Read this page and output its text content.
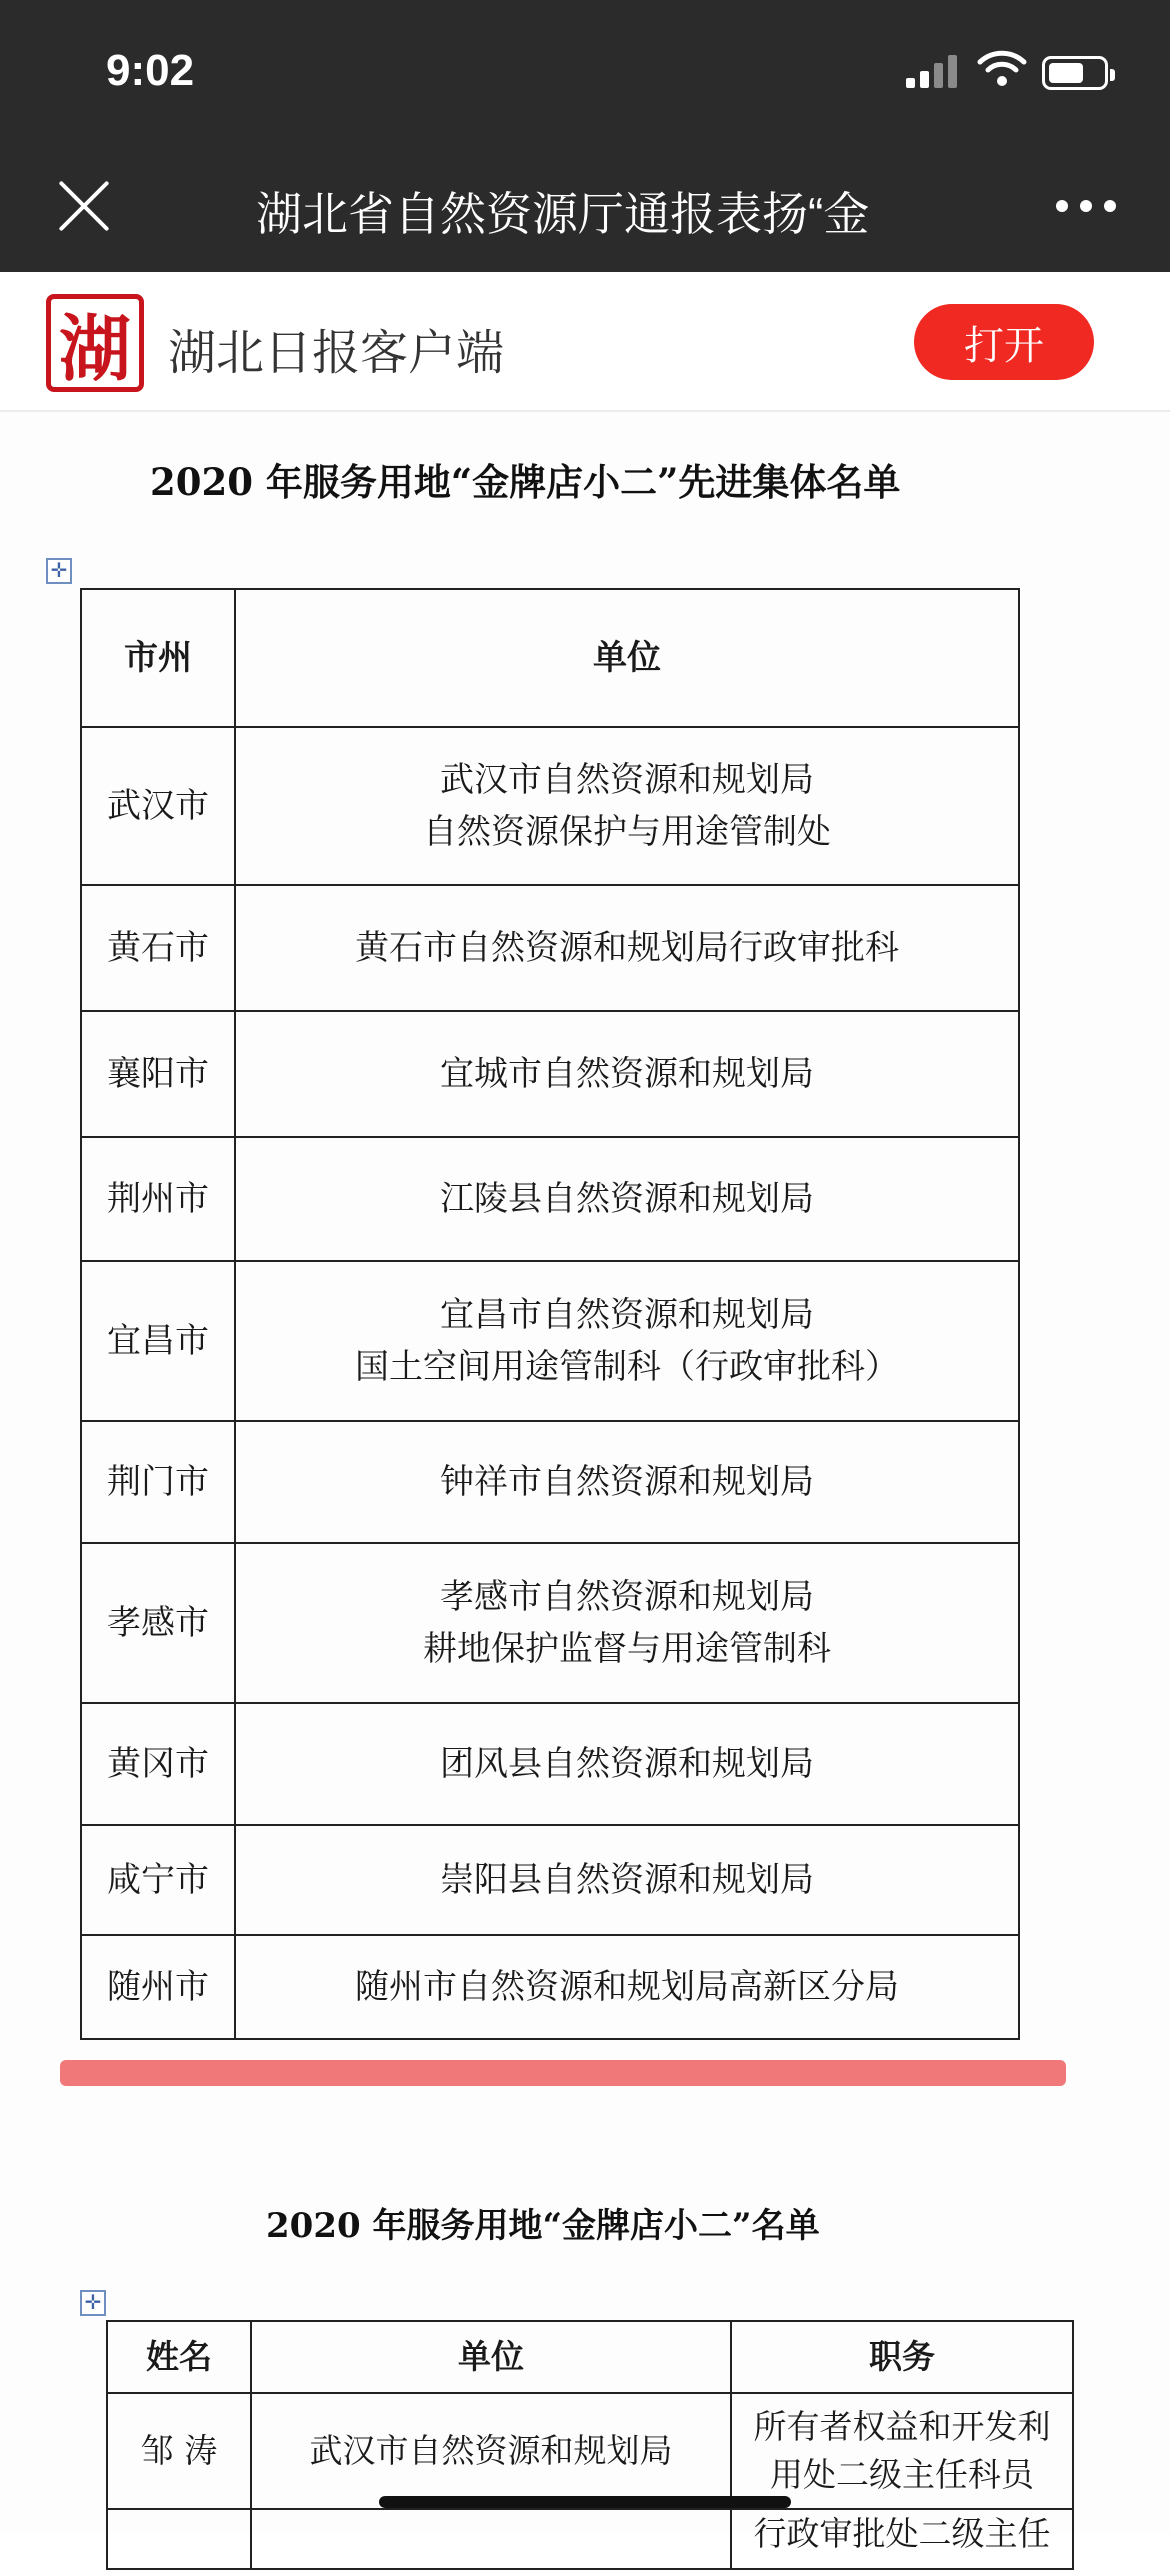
9:02
湖北省自然资源厅通报表扬“金
湖 湖北日报客户端	打开
2020 年服务用地“金牌店小二”先进集体名单
✛
市州	单位
武汉市	武汉市自然资源和规划局
自然资源保护与用途管制处

黄石市	黄石市自然资源和规划局行政审批科

襄阳市	宜城市自然资源和规划局

荆州市	江陵县自然资源和规划局

宜昌市	宜昌市自然资源和规划局
国土空间用途管制科（行政审批科）

荆门市	钟祥市自然资源和规划局

孝感市	孝感市自然资源和规划局
耕地保护监督与用途管制科

黄冈市	团风县自然资源和规划局

咸宁市	崇阳县自然资源和规划局

随州市	随州市自然资源和规划局高新区分局
2020 年服务用地“金牌店小二”名单
✛
姓名	单位	职务
邹 涛	武汉市自然资源和规划局	所有者权益和开发利
用处二级主任科员

		行政审批处二级主任
